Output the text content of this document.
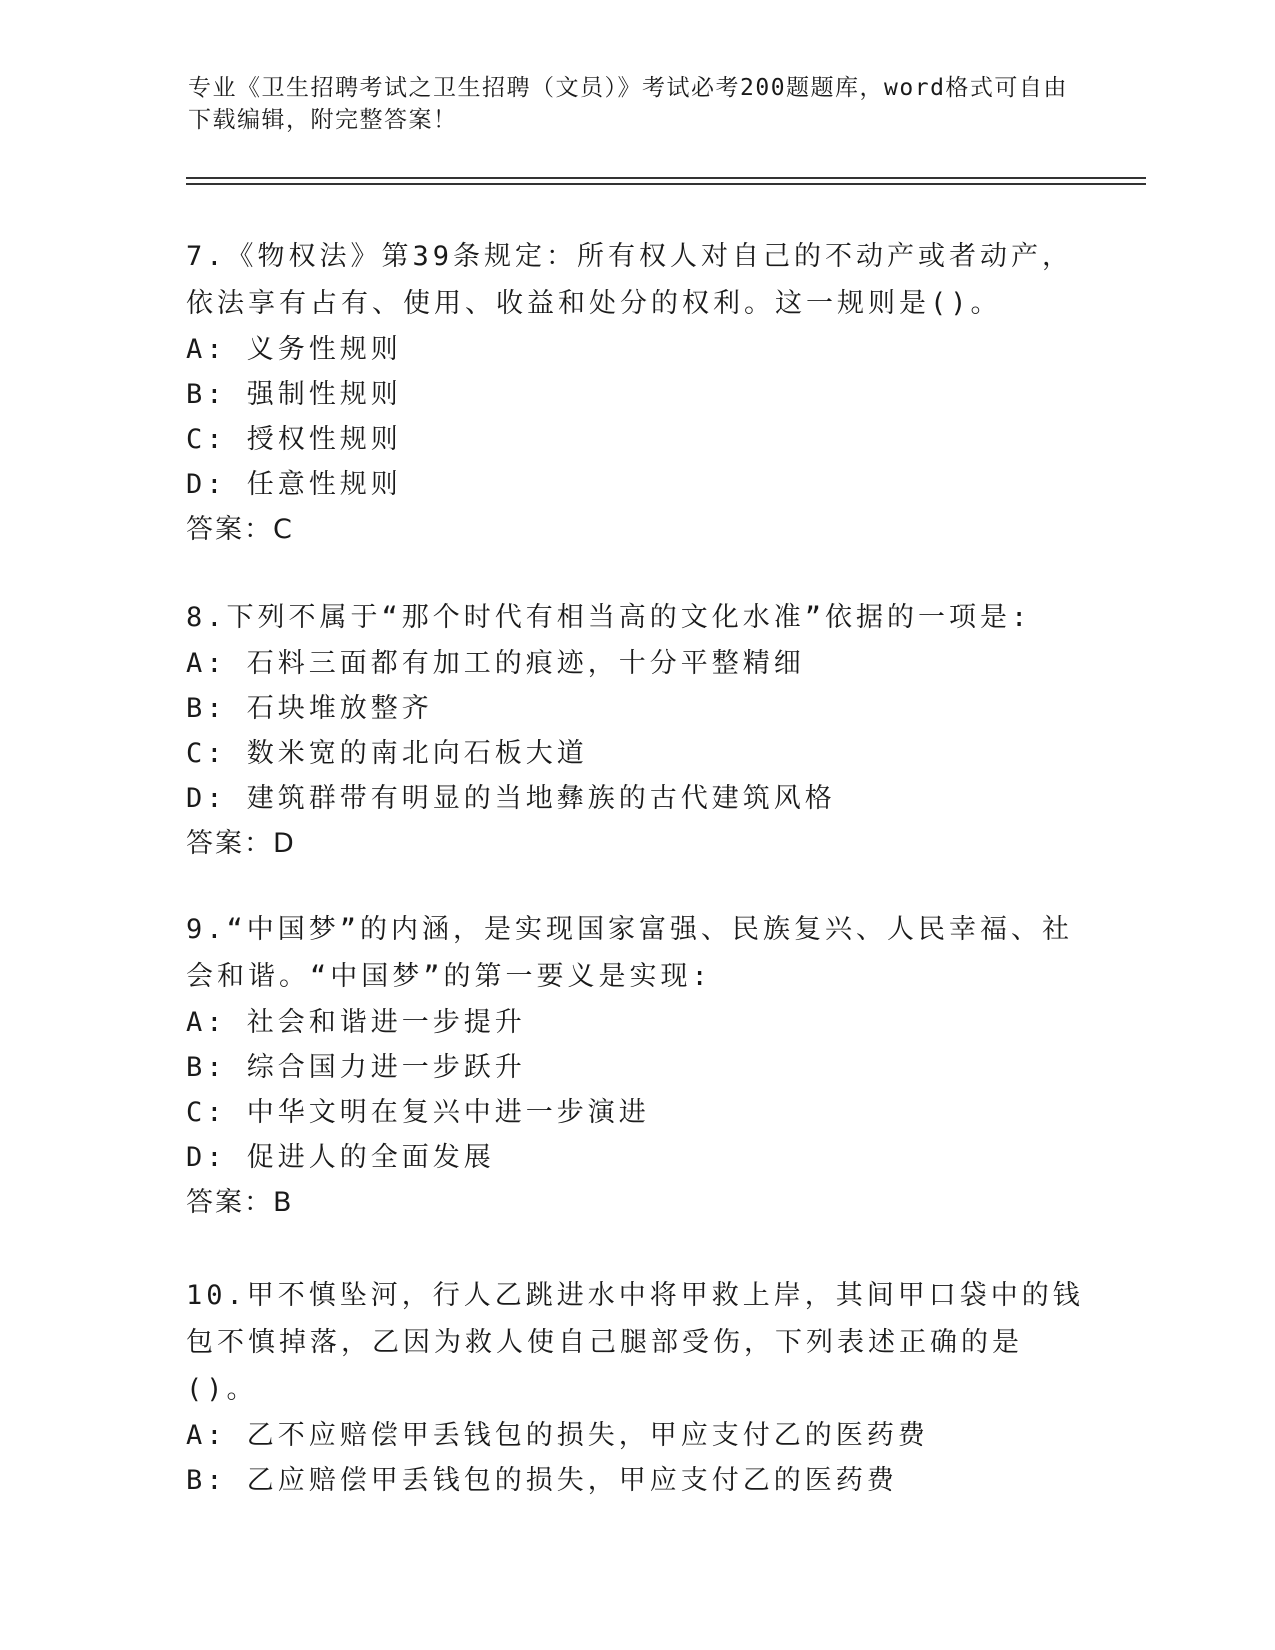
专业《卫生招聘考试之卫生招聘（文员）》考试必考200题题库，word格式可自由下载编辑，附完整答案！

7.《物权法》第39条规定：所有权人对自己的不动产或者动产，依法享有占有、使用、收益和处分的权利。这一规则是()。

A: 义务性规则

B: 强制性规则

C: 授权性规则

D: 任意性规则

答案：C

8.下列不属于“那个时代有相当高的文化水准”依据的一项是:

A: 石料三面都有加工的痕迹，十分平整精细

B: 石块堆放整齐

C: 数米宽的南北向石板大道

D: 建筑群带有明显的当地彝族的古代建筑风格

答案：D

9.“中国梦”的内涵，是实现国家富强、民族复兴、人民幸福、社会和谐。“中国梦”的第一要义是实现:

A: 社会和谐进一步提升

B: 综合国力进一步跃升

C: 中华文明在复兴中进一步演进

D: 促进人的全面发展

答案：B

10.甲不慎坠河，行人乙跳进水中将甲救上岸，其间甲口袋中的钱包不慎掉落，乙因为救人使自己腿部受伤，下列表述正确的是()。

A: 乙不应赔偿甲丢钱包的损失，甲应支付乙的医药费

B: 乙应赔偿甲丢钱包的损失，甲应支付乙的医药费
